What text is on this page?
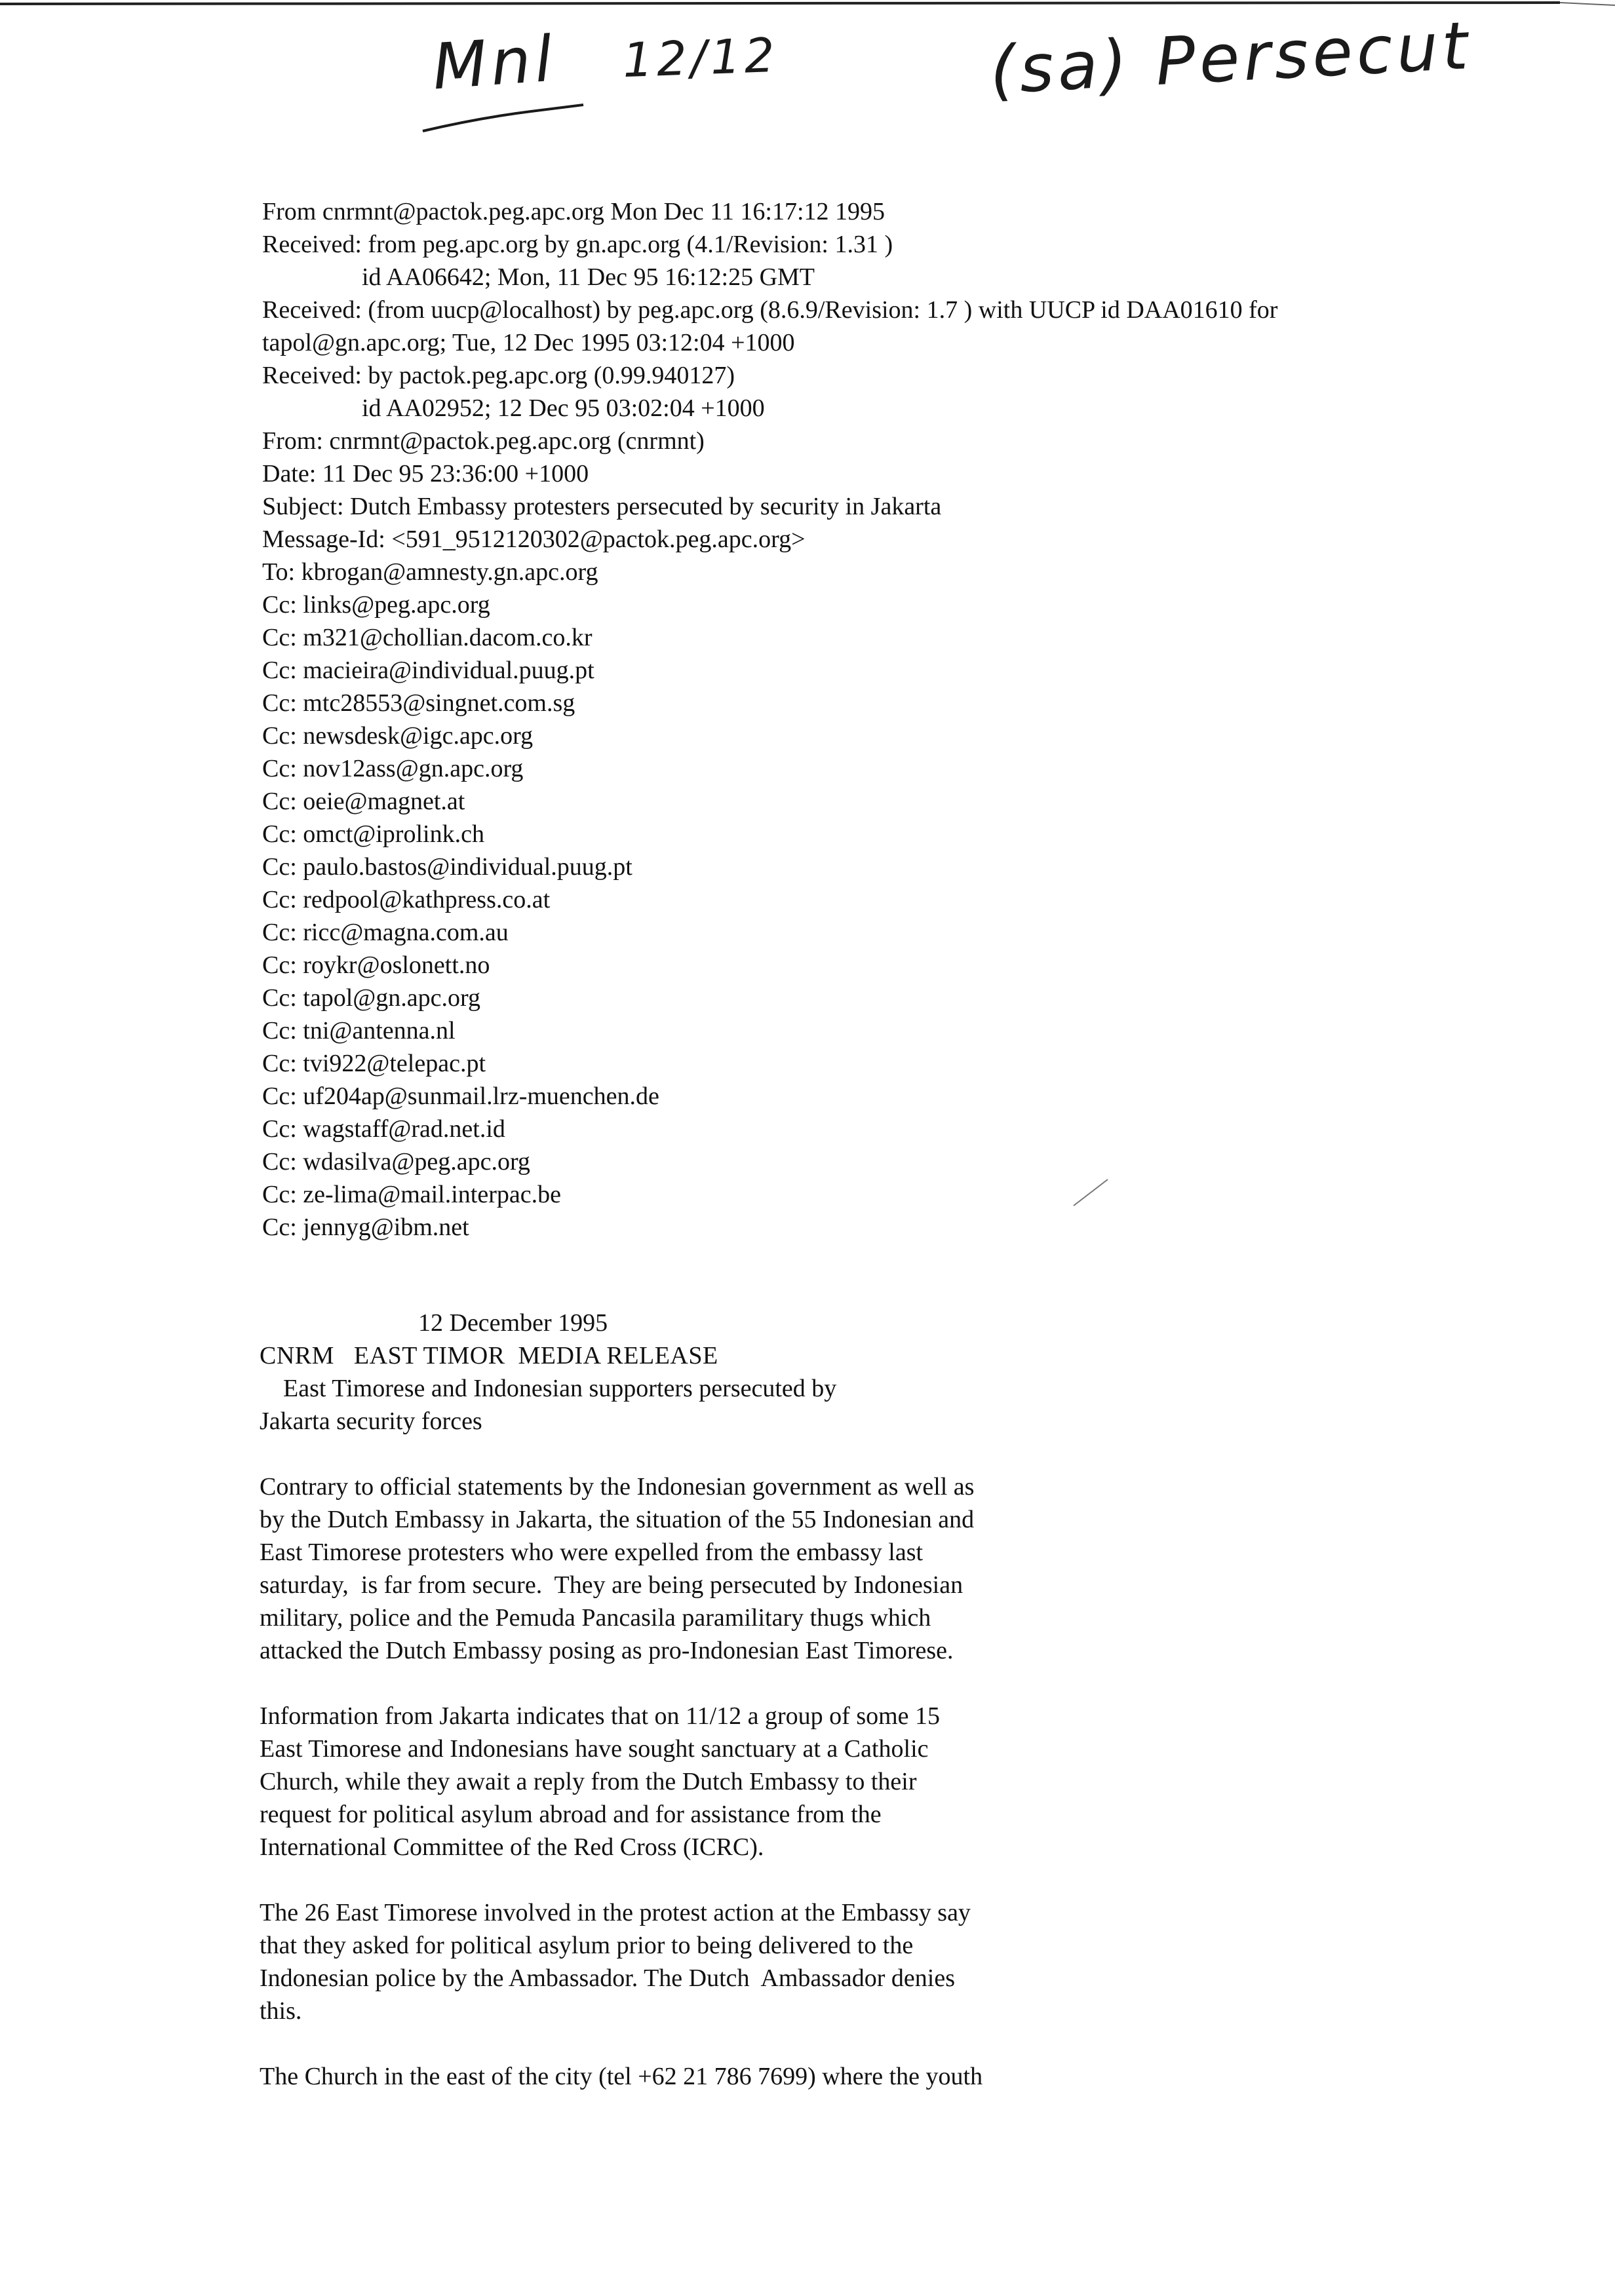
Mnl 12/12	(sa) Persecut
From cnrmnt@pactok.peg.apc.org Mon Dec 11 16:17:12 1995
Received: from peg.apc.org by gn.apc.org (4.1/Revision: 1.31 )
id AA06642; Mon, 11 Dec 95 16:12:25 GMT
Received: (from uucp@localhost) by peg.apc.org (8.6.9/Revision: 1.7 ) with UUCP id DAA01610 for
tapol@gn.apc.org; Tue, 12 Dec 1995 03:12:04 +1000
Received: by pactok.peg.apc.org (0.99.940127)
id AA02952; 12 Dec 95 03:02:04 +1000
From: cnrmnt@pactok.peg.apc.org (cnrmnt)
Date: 11 Dec 95 23:36:00 +1000
Subject: Dutch Embassy protesters persecuted by security in Jakarta
Message-Id: <591_9512120302@pactok.peg.apc.org>
To: kbrogan@amnesty.gn.apc.org
Cc: links@peg.apc.org
Cc: m321@chollian.dacom.co.kr
Cc: macieira@individual.puug.pt
Cc: mtc28553@singnet.com.sg
Cc: newsdesk@igc.apc.org
Cc: nov12ass@gn.apc.org
Cc: oeie@magnet.at
Cc: omct@iprolink.ch
Cc: paulo.bastos@individual.puug.pt
Cc: redpool@kathpress.co.at
Cc: ricc@magna.com.au
Cc: roykr@oslonett.no
Cc: tapol@gn.apc.org
Cc: tni@antenna.nl
Cc: tvi922@telepac.pt
Cc: uf204ap@sunmail.lrz-muenchen.de
Cc: wagstaff@rad.net.id
Cc: wdasilva@peg.apc.org
Cc: ze-lima@mail.interpac.be
Cc: jennyg@ibm.net
12 December 1995
CNRM   EAST TIMOR  MEDIA RELEASE
East Timorese and Indonesian supporters persecuted by
Jakarta security forces

Contrary to official statements by the Indonesian government as well as

by the Dutch Embassy in Jakarta, the situation of the 55 Indonesian and

East Timorese protesters who were expelled from the embassy last

saturday,  is far from secure.  They are being persecuted by Indonesian

military, police and the Pemuda Pancasila paramilitary thugs which

attacked the Dutch Embassy posing as pro-Indonesian East Timorese.

Information from Jakarta indicates that on 11/12 a group of some 15

East Timorese and Indonesians have sought sanctuary at a Catholic

Church, while they await a reply from the Dutch Embassy to their

request for political asylum abroad and for assistance from the

International Committee of the Red Cross (ICRC).

The 26 East Timorese involved in the protest action at the Embassy say

that they asked for political asylum prior to being delivered to the

Indonesian police by the Ambassador. The Dutch  Ambassador denies

this.

The Church in the east of the city (tel +62 21 786 7699) where the youth
